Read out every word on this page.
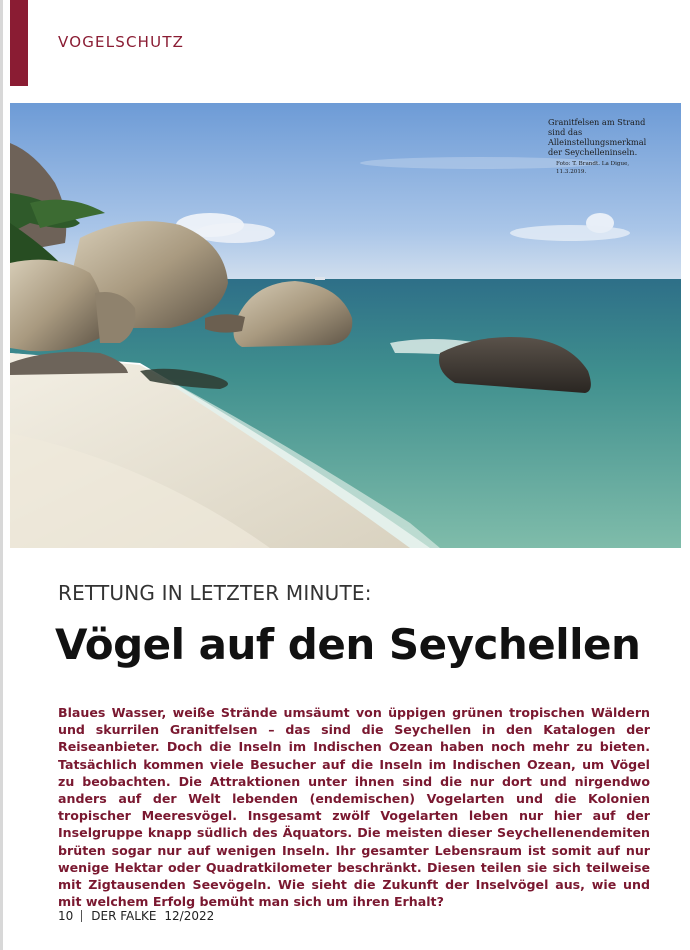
VOGELSCHUTZ

Granitfelsen am Strand sind das Alleinstellungsmerkmal der Seychelleninseln.

Foto: T. Brandt. La Digue, 11.3.2019.

RETTUNG IN LETZTER MINUTE:
Vögel auf den Seychellen

Blaues Wasser, weiße Strände umsäumt von üppigen grünen tropischen Wäldern und skurrilen Granitfelsen – das sind die Seychellen in den Katalogen der Reiseanbieter. Doch die Inseln im Indischen Ozean haben noch mehr zu bieten. Tatsächlich kommen viele Besucher auf die Inseln im Indischen Ozean, um Vögel zu beobachten. Die Attraktionen unter ihnen sind die nur dort und nirgendwo anders auf der Welt lebenden (endemischen) Vogelarten und die Kolonien tropischer Meeresvögel. Insgesamt zwölf Vogelarten leben nur hier auf der Inselgruppe knapp südlich des Äquators. Die meisten dieser Seychellenendemiten brüten sogar nur auf wenigen Inseln. Ihr gesamter Lebensraum ist somit auf nur wenige Hektar oder Quadratkilometer beschränkt. Diesen teilen sie sich teilweise mit Zigtausenden Seevögeln. Wie sieht die Zukunft der Inselvögel aus, wie und mit welchem Erfolg bemüht man sich um ihren Erhalt?

10 DER FALKE 12/2022
